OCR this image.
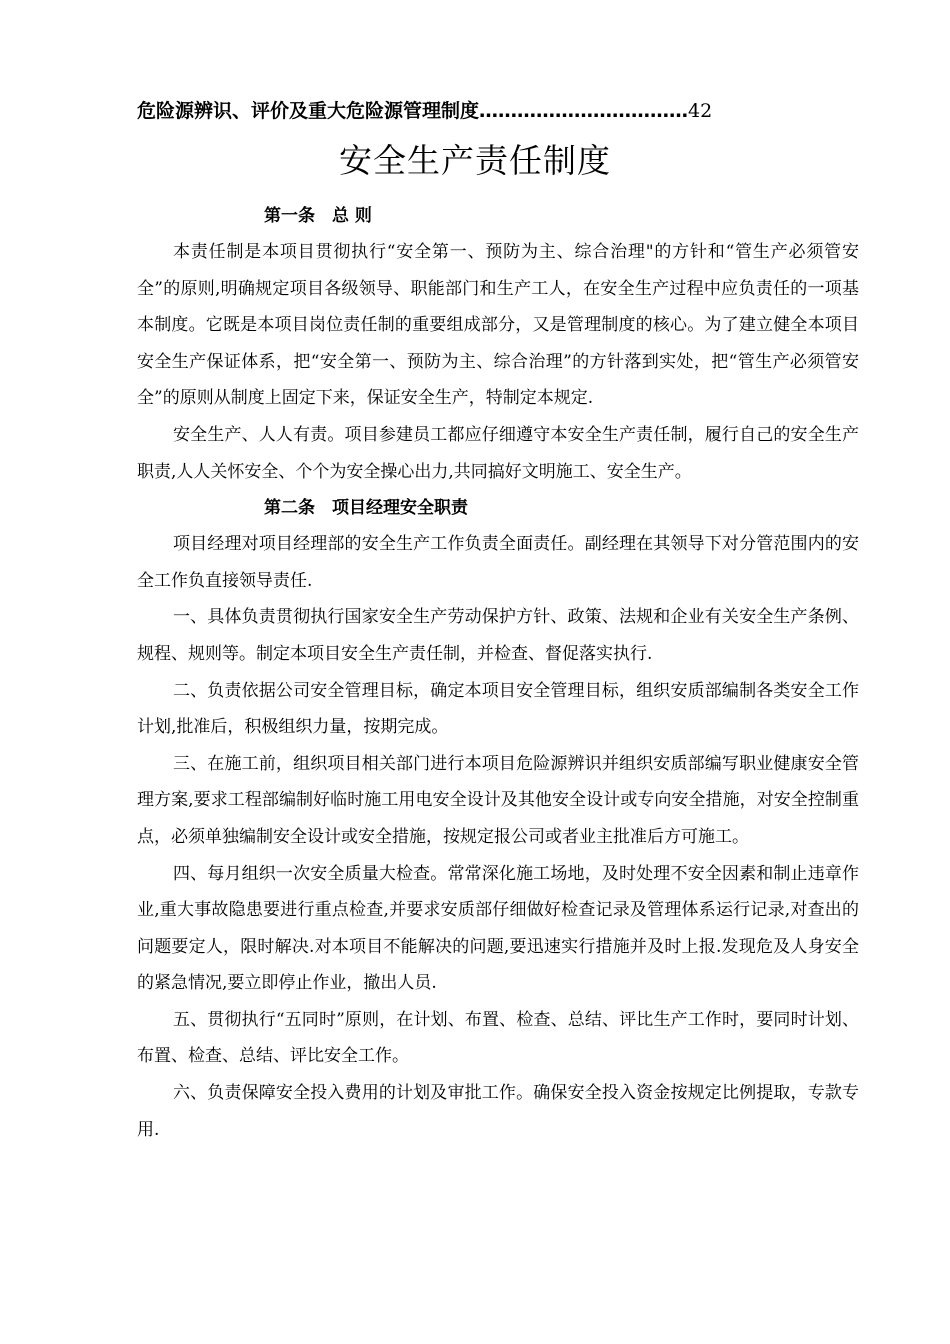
危险源辨识、评价及重大危险源管理制度……………………………42
安全生产责任制度
第一条　总 则

本责任制是本项目贯彻执行“安全第一、预防为主、综合治理"的方针和“管生产必须管安全”的原则,明确规定项目各级领导、职能部门和生产工人，在安全生产过程中应负责任的一项基本制度。它既是本项目岗位责任制的重要组成部分，又是管理制度的核心。为了建立健全本项目安全生产保证体系，把“安全第一、预防为主、综合治理”的方针落到实处，把“管生产必须管安全”的原则从制度上固定下来，保证安全生产，特制定本规定.

安全生产、人人有责。项目参建员工都应仔细遵守本安全生产责任制，履行自己的安全生产职责,人人关怀安全、个个为安全操心出力,共同搞好文明施工、安全生产。

第二条　项目经理安全职责

项目经理对项目经理部的安全生产工作负责全面责任。副经理在其领导下对分管范围内的安全工作负直接领导责任.

一、具体负责贯彻执行国家安全生产劳动保护方针、政策、法规和企业有关安全生产条例、规程、规则等。制定本项目安全生产责任制，并检查、督促落实执行.

二、负责依据公司安全管理目标，确定本项目安全管理目标，组织安质部编制各类安全工作计划,批准后，积极组织力量，按期完成。

三、在施工前，组织项目相关部门进行本项目危险源辨识并组织安质部编写职业健康安全管理方案,要求工程部编制好临时施工用电安全设计及其他安全设计或专向安全措施，对安全控制重点，必须单独编制安全设计或安全措施，按规定报公司或者业主批准后方可施工。

四、每月组织一次安全质量大检查。常常深化施工场地，及时处理不安全因素和制止违章作业,重大事故隐患要进行重点检查,并要求安质部仔细做好检查记录及管理体系运行记录,对查出的问题要定人，限时解决.对本项目不能解决的问题,要迅速实行措施并及时上报.发现危及人身安全的紧急情况,要立即停止作业，撤出人员.

五、贯彻执行“五同时”原则，在计划、布置、检查、总结、评比生产工作时，要同时计划、布置、检查、总结、评比安全工作。

六、负责保障安全投入费用的计划及审批工作。确保安全投入资金按规定比例提取，专款专用.
